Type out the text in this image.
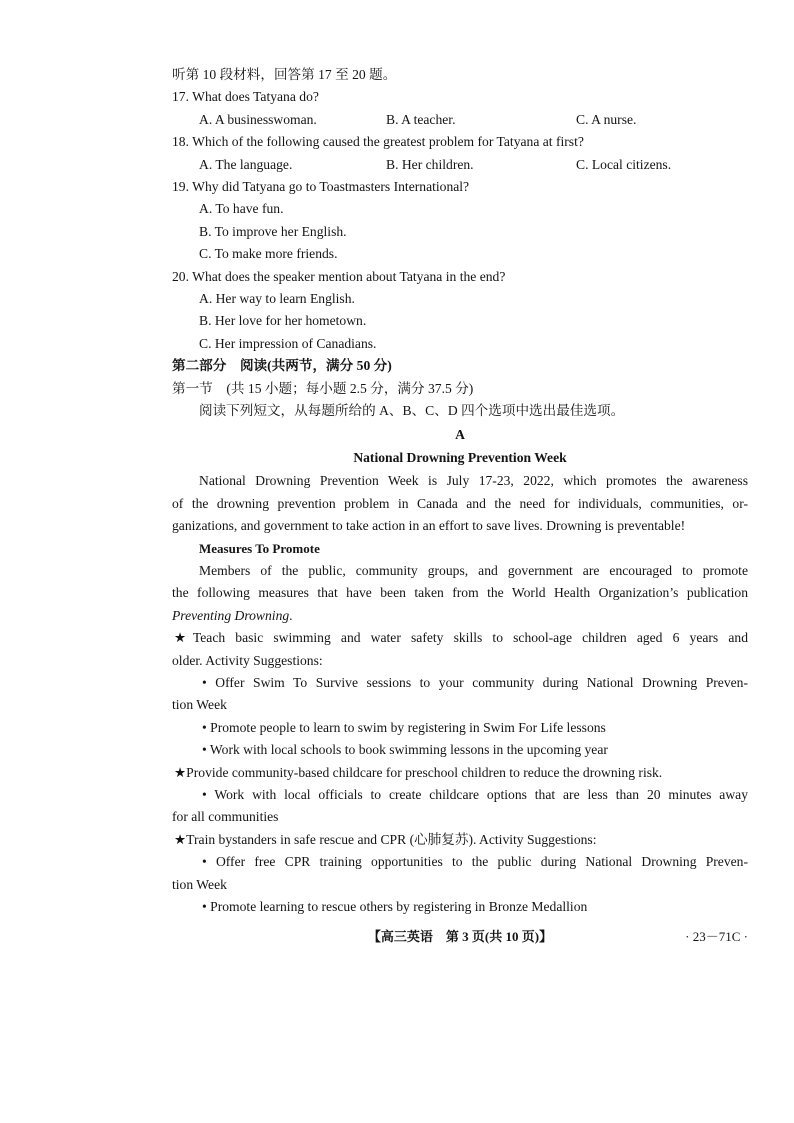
听第 10 段材料，回答第 17 至 20 题。
17. What does Tatyana do?
A. A businesswoman.	B. A teacher.	C. A nurse.
18. Which of the following caused the greatest problem for Tatyana at first?
A. The language.	B. Her children.	C. Local citizens.
19. Why did Tatyana go to Toastmasters International?
A. To have fun.
B. To improve her English.
C. To make more friends.
20. What does the speaker mention about Tatyana in the end?
A. Her way to learn English.
B. Her love for her hometown.
C. Her impression of Canadians.
第二部分　阅读(共两节，满分 50 分)
第一节　(共 15 小题；每小题 2.5 分，满分 37.5 分)
阅读下列短文，从每题所给的 A、B、C、D 四个选项中选出最佳选项。
A
National Drowning Prevention Week
National Drowning Prevention Week is July 17-23, 2022, which promotes the awareness
of the drowning prevention problem in Canada and the need for individuals, communities, or-
ganizations, and government to take action in an effort to save lives. Drowning is preventable!
Measures To Promote
Members of the public, community groups, and government are encouraged to promote
the following measures that have been taken from the World Health Organization’s publication
Preventing Drowning.
★Teach basic swimming and water safety skills to school-age children aged 6 years and
older. Activity Suggestions:
• Offer Swim To Survive sessions to your community during National Drowning Preven-
tion Week
• Promote people to learn to swim by registering in Swim For Life lessons
• Work with local schools to book swimming lessons in the upcoming year
★Provide community-based childcare for preschool children to reduce the drowning risk.
• Work with local officials to create childcare options that are less than 20 minutes away
for all communities
★Train bystanders in safe rescue and CPR (心肺复苏). Activity Suggestions:
• Offer free CPR training opportunities to the public during National Drowning Preven-
tion Week
• Promote learning to rescue others by registering in Bronze Medallion
【高三英语　第 3 页(共 10 页)】	· 23－71C ·
